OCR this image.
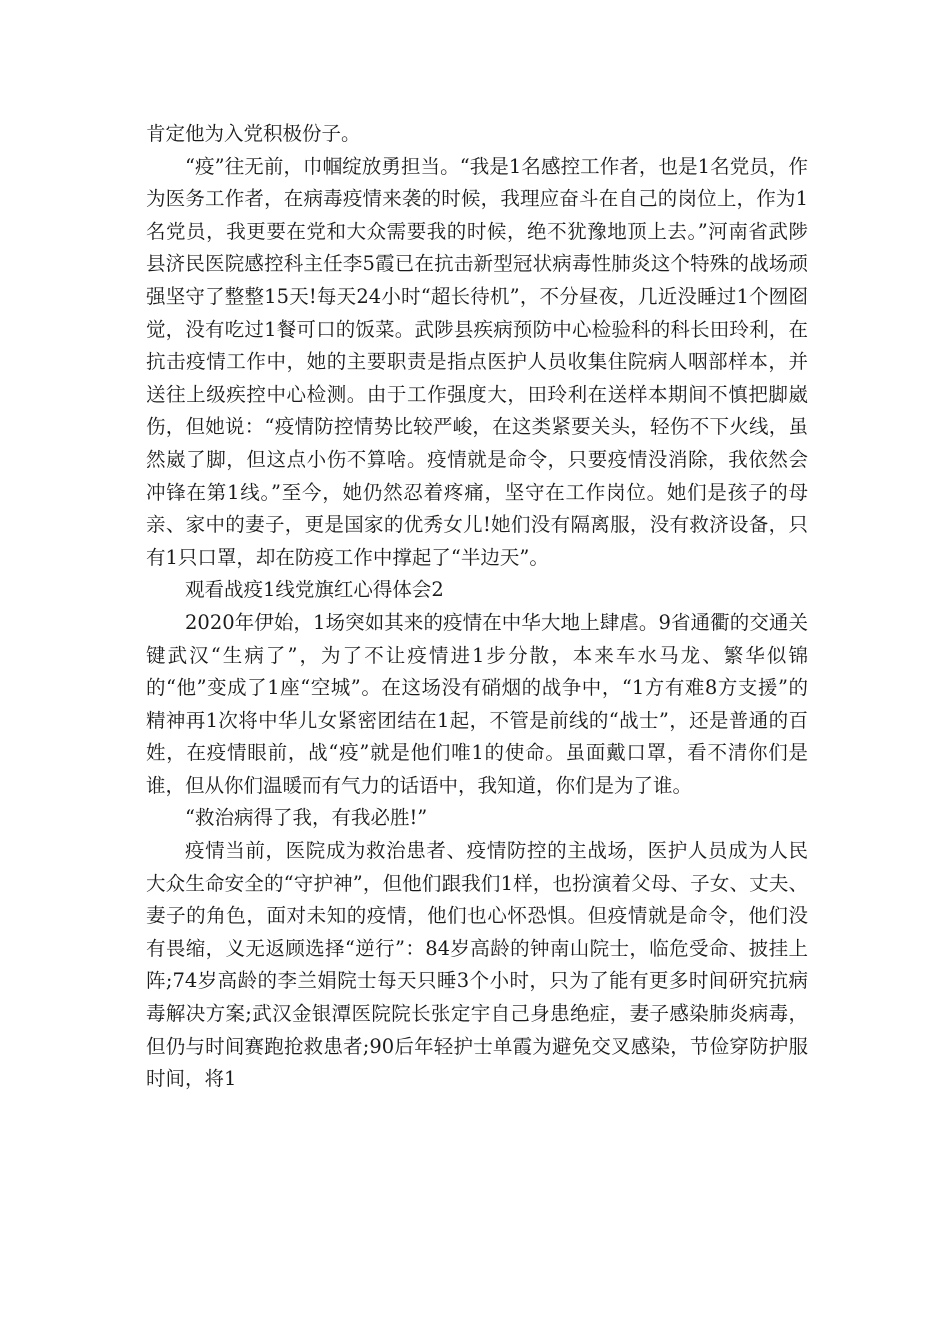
肯定他为入党积极份子。

“疫”往无前，巾帼绽放勇担当。“我是1名感控工作者，也是1名党员，作为医务工作者，在病毒疫情来袭的时候，我理应奋斗在自己的岗位上，作为1名党员，我更要在党和大众需要我的时候，绝不犹豫地顶上去。”河南省武陟县济民医院感控科主任李5霞已在抗击新型冠状病毒性肺炎这个特殊的战场顽强坚守了整整15天!每天24小时“超长待机”，不分昼夜，几近没睡过1个囫囵觉，没有吃过1餐可口的饭菜。武陟县疾病预防中心检验科的科长田玲利，在抗击疫情工作中，她的主要职责是指点医护人员收集住院病人咽部样本，并送往上级疾控中心检测。由于工作强度大，田玲利在送样本期间不慎把脚崴伤，但她说：“疫情防控情势比较严峻，在这类紧要关头，轻伤不下火线，虽然崴了脚，但这点小伤不算啥。疫情就是命令，只要疫情没消除，我依然会冲锋在第1线。”至今，她仍然忍着疼痛，坚守在工作岗位。她们是孩子的母亲、家中的妻子，更是国家的优秀女儿!她们没有隔离服，没有救济设备，只有1只口罩，却在防疫工作中撑起了“半边天”。

观看战疫1线党旗红心得体会2

2020年伊始，1场突如其来的疫情在中华大地上肆虐。9省通衢的交通关键武汉“生病了”，为了不让疫情进1步分散，本来车水马龙、繁华似锦的“他”变成了1座“空城”。在这场没有硝烟的战争中，“1方有难8方支援”的精神再1次将中华儿女紧密团结在1起，不管是前线的“战士”，还是普通的百姓，在疫情眼前，战“疫”就是他们唯1的使命。虽面戴口罩，看不清你们是谁，但从你们温暖而有气力的话语中，我知道，你们是为了谁。

“救治病得了我，有我必胜!”

疫情当前，医院成为救治患者、疫情防控的主战场，医护人员成为人民大众生命安全的“守护神”，但他们跟我们1样，也扮演着父母、子女、丈夫、妻子的角色，面对未知的疫情，他们也心怀恐惧。但疫情就是命令，他们没有畏缩，义无返顾选择“逆行”：84岁高龄的钟南山院士，临危受命、披挂上阵;74岁高龄的李兰娟院士每天只睡3个小时，只为了能有更多时间研究抗病毒解决方案;武汉金银潭医院院长张定宇自己身患绝症，妻子感染肺炎病毒，但仍与时间赛跑抢救患者;90后年轻护士单霞为避免交叉感染，节俭穿防护服时间，将1
